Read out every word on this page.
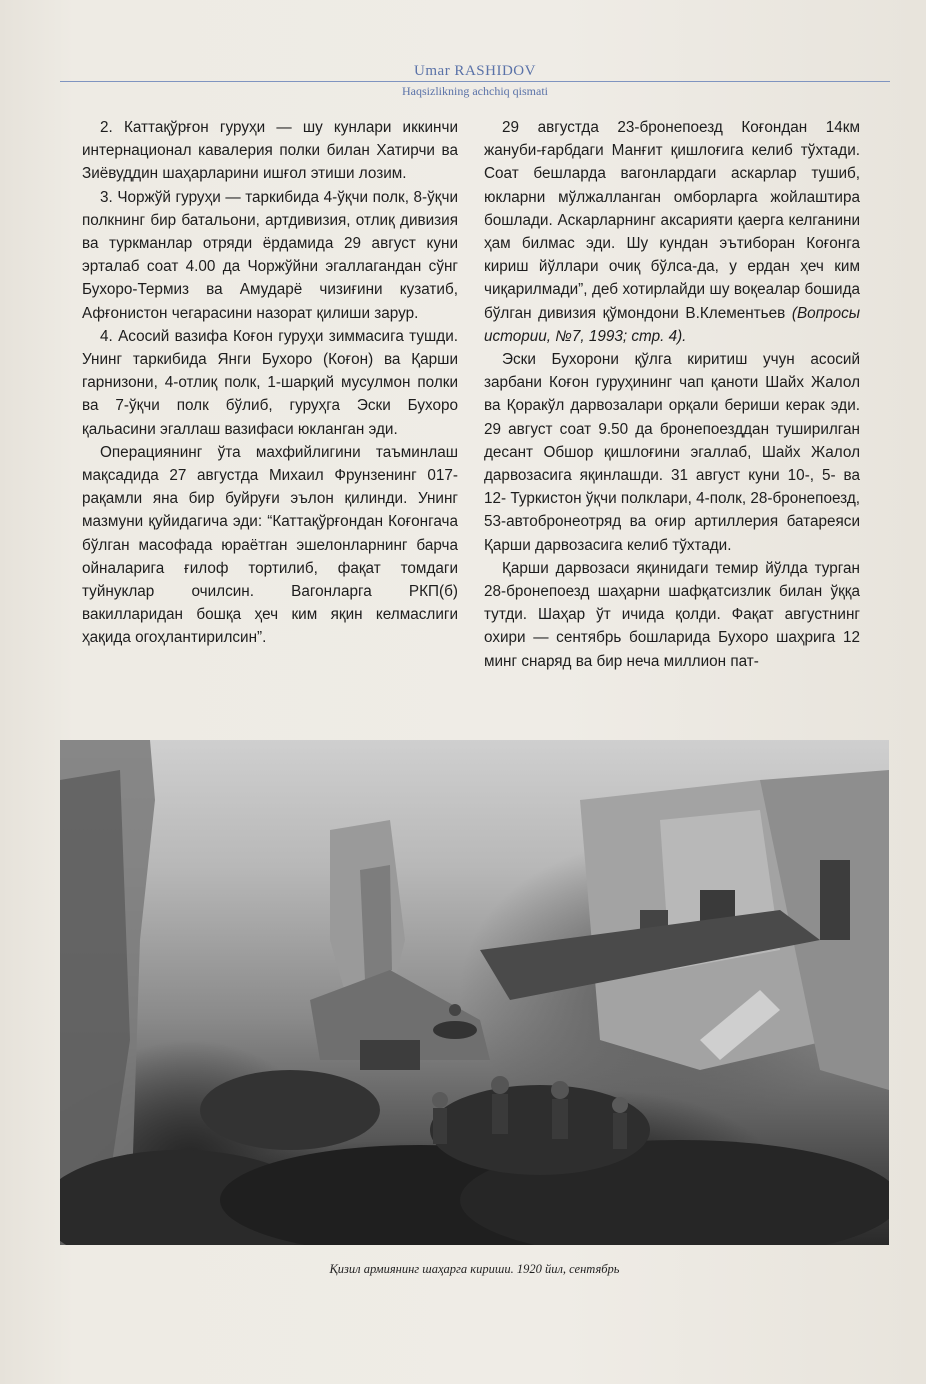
Umar RASHIDOV
Haqsizlikning achchiq qismati

2. Каттақўрғон гуруҳи — шу кунлари иккинчи интернационал кавалерия полки билан Хатирчи ва Зиёвуддин шаҳарларини ишғол этиши лозим.

3. Чоржўй гуруҳи — таркибида 4-ўқчи полк, 8-ўқчи полкнинг бир батальони, артдивизия, отлиқ дивизия ва туркманлар отряди ёрдамида 29 август куни эрталаб соат 4.00 да Чоржўйни эгаллагандан сўнг Бухоро-Термиз ва Амударё чизиғини кузатиб, Афғонистон чегарасини назорат қилиши зарур.

4. Асосий вазифа Коғон гуруҳи зиммасига тушди. Унинг таркибида Янги Бухоро (Коғон) ва Қарши гарнизони, 4-отлиқ полк, 1-шарқий мусулмон полки ва 7-ўқчи полк бўлиб, гуруҳга Эски Бухоро қальасини эгаллаш вазифаси юкланган эди.

Операциянинг ўта махфийлигини таъминлаш мақсадида 27 августда Михаил Фрунзенинг 017-рақамли яна бир буйруғи эълон қилинди. Унинг мазмуни қуйидагича эди: “Каттақўрғондан Коғонгача бўлган масофада юраётган эшелонларнинг барча ойналарига ғилоф тортилиб, фақат томдаги туйнуклар очилсин. Вагонларга РКП(б) вакилларидан бошқа ҳеч ким яқин келмаслиги ҳақида огоҳлантирилсин”.

29 августда 23-бронепоезд Коғондан 14км жануби-ғарбдаги Манғит қишлоғига келиб тўхтади. Соат бешларда вагонлардаги аскарлар тушиб, юкларни мўлжалланган омборларга жойлаштира бошлади. Аскарларнинг аксарияти қаерга келганини ҳам билмас эди. Шу кундан эътиборан Коғонга кириш йўллари очиқ бўлса-да, у ердан ҳеч ким чиқарилмади”, деб хотирлайди шу воқеалар бошида бўлган дивизия қўмондони В.Клементьев (Вопросы истории, №7, 1993; стр. 4).

Эски Бухорони қўлга киритиш учун асосий зарбани Коғон гуруҳининг чап қаноти Шайх Жалол ва Қоракўл дарвозалари орқали бериши керак эди. 29 август соат 9.50 да бронепоезддан туширилган десант Обшор қишлоғини эгаллаб, Шайх Жалол дарвозасига яқинлашди. 31 август куни 10-, 5- ва 12- Туркистон ўқчи полклари, 4-полк, 28-бронепоезд, 53-автобронеотряд ва оғир артиллерия батареяси Қарши дарвозасига келиб тўхтади.

Қарши дарвозаси яқинидаги темир йўлда турган 28-бронепоезд шаҳарни шафқатсизлик билан ўққа тутди. Шаҳар ўт ичида қолди. Фақат августнинг охири — сентябрь бошларида Бухоро шаҳрига 12 минг снаряд ва бир неча миллион пат-

Қизил армиянинг шаҳарга кириши. 1920 йил, сентябрь
